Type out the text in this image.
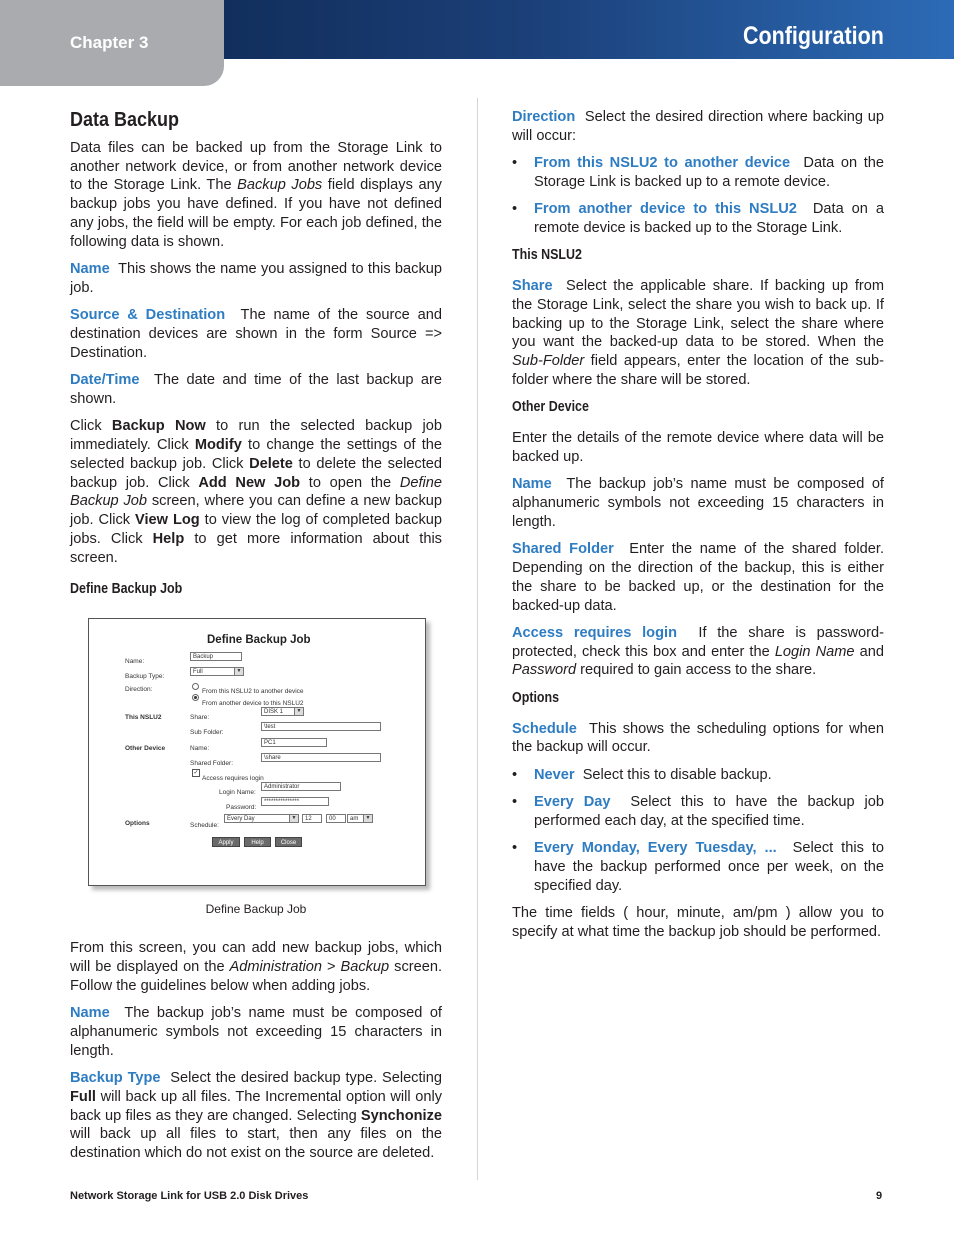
Chapter 3	Configuration
Data Backup

Data files can be backed up from the Storage Link to another network device, or from another network device to the Storage Link. The Backup Jobs field displays any backup jobs you have defined. If you have not defined any jobs, the field will be empty. For each job defined, the following data is shown.

Name This shows the name you assigned to this backup job.

Source & Destination The name of the source and destination devices are shown in the form Source => Destination.

Date/Time The date and time of the last backup are shown.

Click Backup Now to run the selected backup job immediately. Click Modify to change the settings of the selected backup job. Click Delete to delete the selected backup job. Click Add New Job to open the Define Backup Job screen, where you can define a new backup job. Click View Log to view the log of completed backup jobs. Click Help to get more information about this screen.

Define Backup Job
Define Backup Job
Name:
Backup
Backup Type:
Full	▼
Direction:	From this NSLU2 to another device
From another device to this NSLU2
This NSLU2	Share:
DISK 1	▼
Sub Folder:
\test
Other Device	Name:
PC1
Shared Folder:
\share
✓
Access requires login
Login Name:
Administrator
Password:
***************
Options	Schedule:
Every Day	▼	12	00	am	▼
Apply	Help	Close
Define Backup Job

From this screen, you can add new backup jobs, which will be displayed on the Administration > Backup screen. Follow the guidelines below when adding jobs.

Name The backup job’s name must be composed of alphanumeric symbols not exceeding 15 characters in length.

Backup Type Select the desired backup type. Selecting Full will back up all files. The Incremental option will only back up files as they are changed. Selecting Synchonize will back up all files to start, then any files on the destination which do not exist on the source are deleted.

Direction Select the desired direction where backing up will occur:

• From this NSLU2 to another device Data on the Storage Link is backed up to a remote device.
• From another device to this NSLU2 Data on a remote device is backed up to the Storage Link.
This NSLU2

Share Select the applicable share. If backing up from the Storage Link, select the share you wish to back up. If backing up to the Storage Link, select the share where you want the backed-up data to be stored. When the Sub-Folder field appears, enter the location of the sub-folder where the share will be stored.

Other Device

Enter the details of the remote device where data will be backed up.

Name The backup job’s name must be composed of alphanumeric symbols not exceeding 15 characters in length.

Shared Folder Enter the name of the shared folder. Depending on the direction of the backup, this is either the share to be backed up, or the destination for the backed-up data.

Access requires login If the share is password-protected, check this box and enter the Login Name and Password required to gain access to the share.

Options

Schedule This shows the scheduling options for when the backup will occur.

• Never Select this to disable backup.
• Every Day Select this to have the backup job performed each day, at the specified time.
• Every Monday, Every Tuesday, ... Select this to have the backup performed once per week, on the specified day.

The time fields ( hour, minute, am/pm ) allow you to specify at what time the backup job should be performed.

Network Storage Link for USB 2.0 Disk Drives	9
